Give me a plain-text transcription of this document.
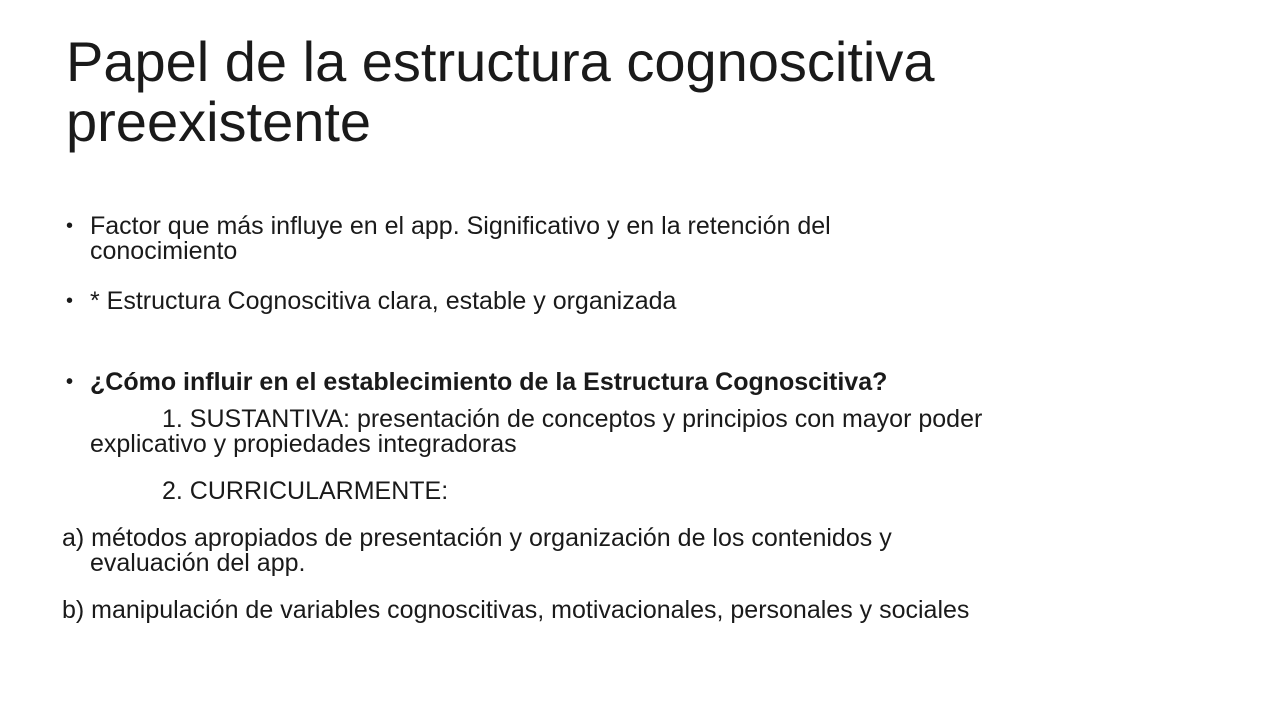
Papel de la estructura cognoscitiva
preexistente
• Factor que más influye en el app. Significativo y en la retención del
conocimiento
• * Estructura Cognoscitiva clara, estable y organizada
• ¿Cómo influir en el establecimiento de la Estructura Cognoscitiva?
1. SUSTANTIVA: presentación de conceptos y principios con mayor poder
explicativo y propiedades integradoras
2. CURRICULARMENTE:
a) métodos apropiados de presentación y organización de los contenidos y
evaluación del app.
b) manipulación de variables cognoscitivas, motivacionales, personales y sociales
